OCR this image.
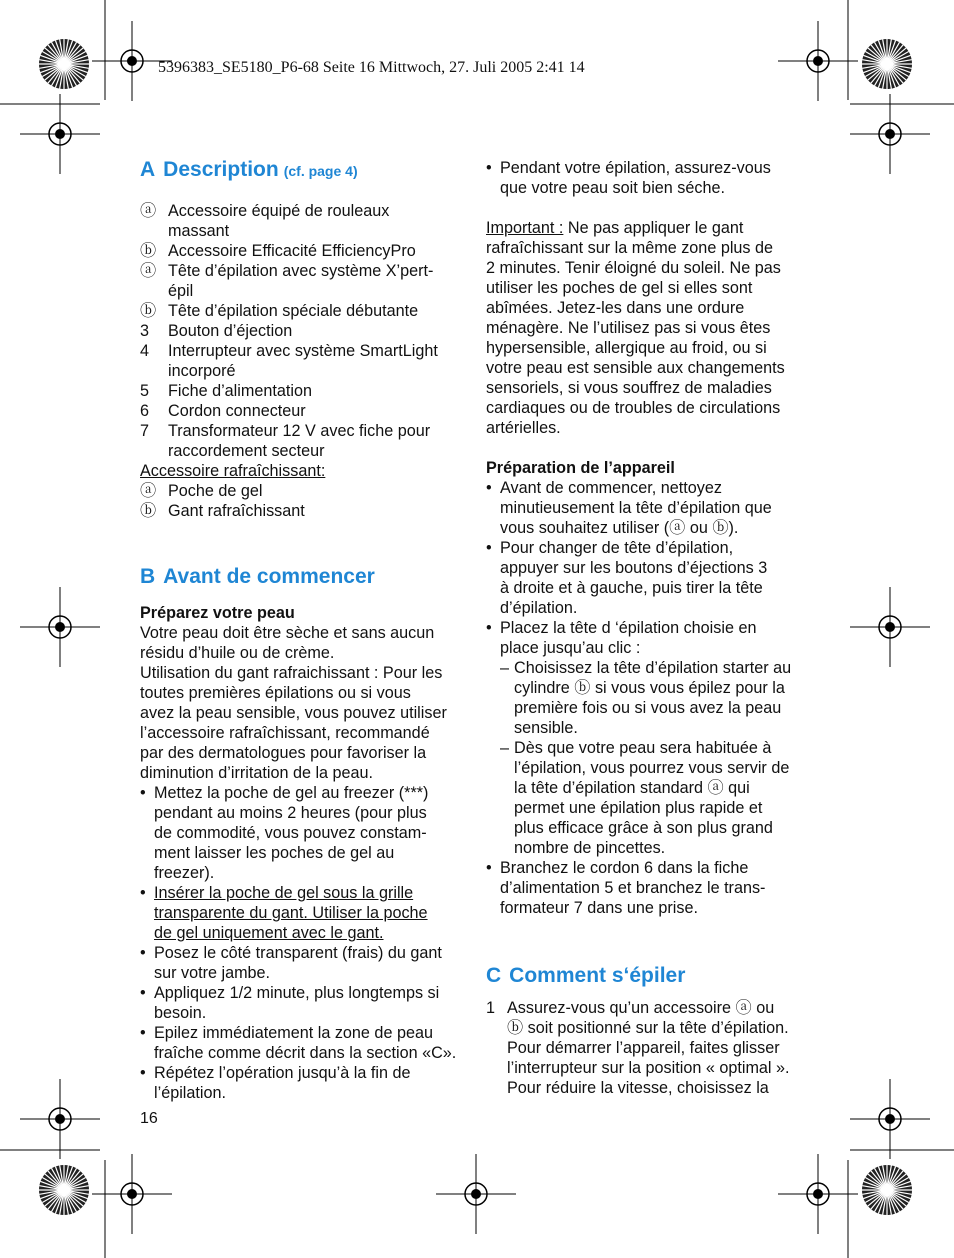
5396383_SE5180_P6-68 Seite 16 Mittwoch, 27. Juli 2005 2:41 14
A Description (cf. page 4)
ⓐ Accessoire équipé de rouleaux
massant
ⓑ Accessoire Efficacité EfficiencyPro
ⓐ Tête d’épilation avec système X’pert-
épil
ⓑ Tête d’épilation spéciale débutante
3	Bouton d’éjection
4	Interrupteur avec système SmartLight
incorporé
5	Fiche d’alimentation
6	Cordon connecteur
7	Transformateur 12 V avec fiche pour
raccordement secteur
Accessoire rafraîchissant:
ⓐ Poche de gel
ⓑ Gant rafraîchissant
B Avant de commencer
Préparez votre peau
Votre peau doit être sèche et sans aucun
résidu d’huile ou de crème.
Utilisation du gant rafraichissant : Pour les
toutes premières épilations ou si vous
avez la peau sensible, vous pouvez utiliser
l’accessoire rafraîchissant, recommandé
par des dermatologues pour favoriser la
diminution d’irritation de la peau.
• Mettez la poche de gel au freezer (***)
pendant au moins 2 heures (pour plus
de commodité, vous pouvez constam-
ment laisser les poches de gel au
freezer).
• Insérer la poche de gel sous la grille
transparente du gant. Utiliser la poche
de gel uniquement avec le gant.
• Posez le côté transparent (frais) du gant
sur votre jambe.
• Appliquez 1/2 minute, plus longtemps si
besoin.
• Epilez immédiatement la zone de peau
fraîche comme décrit dans la section «C».
• Répétez l’opération jusqu’à la fin de
l’épilation.
• Pendant votre épilation, assurez-vous
que votre peau soit bien séche.
Important : Ne pas appliquer le gant
rafraîchissant sur la même zone plus de
2 minutes. Tenir éloigné du soleil. Ne pas
utiliser les poches de gel si elles sont
abîmées. Jetez-les dans une ordure
ménagère. Ne l’utilisez pas si vous êtes
hypersensible, allergique au froid, ou si
votre peau est sensible aux changements
sensoriels, si vous souffrez de maladies
cardiaques ou de troubles de circulations
artérielles.
Préparation de l’appareil
• Avant de commencer, nettoyez
minutieusement la tête d’épilation que
vous souhaitez utiliser (ⓐ ou ⓑ).
• Pour changer de tête d’épilation,
appuyer sur les boutons d’éjections 3
à droite et à gauche, puis tirer la tête
d’épilation.
• Placez la tête d ‘épilation choisie en
place jusqu’au clic :
– Choisissez la tête d’épilation starter au
cylindre ⓑ si vous vous épilez pour la
première fois ou si vous avez la peau
sensible.
– Dès que votre peau sera habituée à
l’épilation, vous pourrez vous servir de
la tête d’épilation standard ⓐ qui
permet une épilation plus rapide et
plus efficace grâce à son plus grand
nombre de pincettes.
• Branchez le cordon 6 dans la fiche
d’alimentation 5 et branchez le trans-
formateur 7 dans une prise.
C Comment s‘épiler
1 Assurez-vous qu’un accessoire ⓐ ou
ⓑ soit positionné sur la tête d’épilation.
Pour démarrer l’appareil, faites glisser
l’interrupteur sur la position « optimal ».
Pour réduire la vitesse, choisissez la
16
